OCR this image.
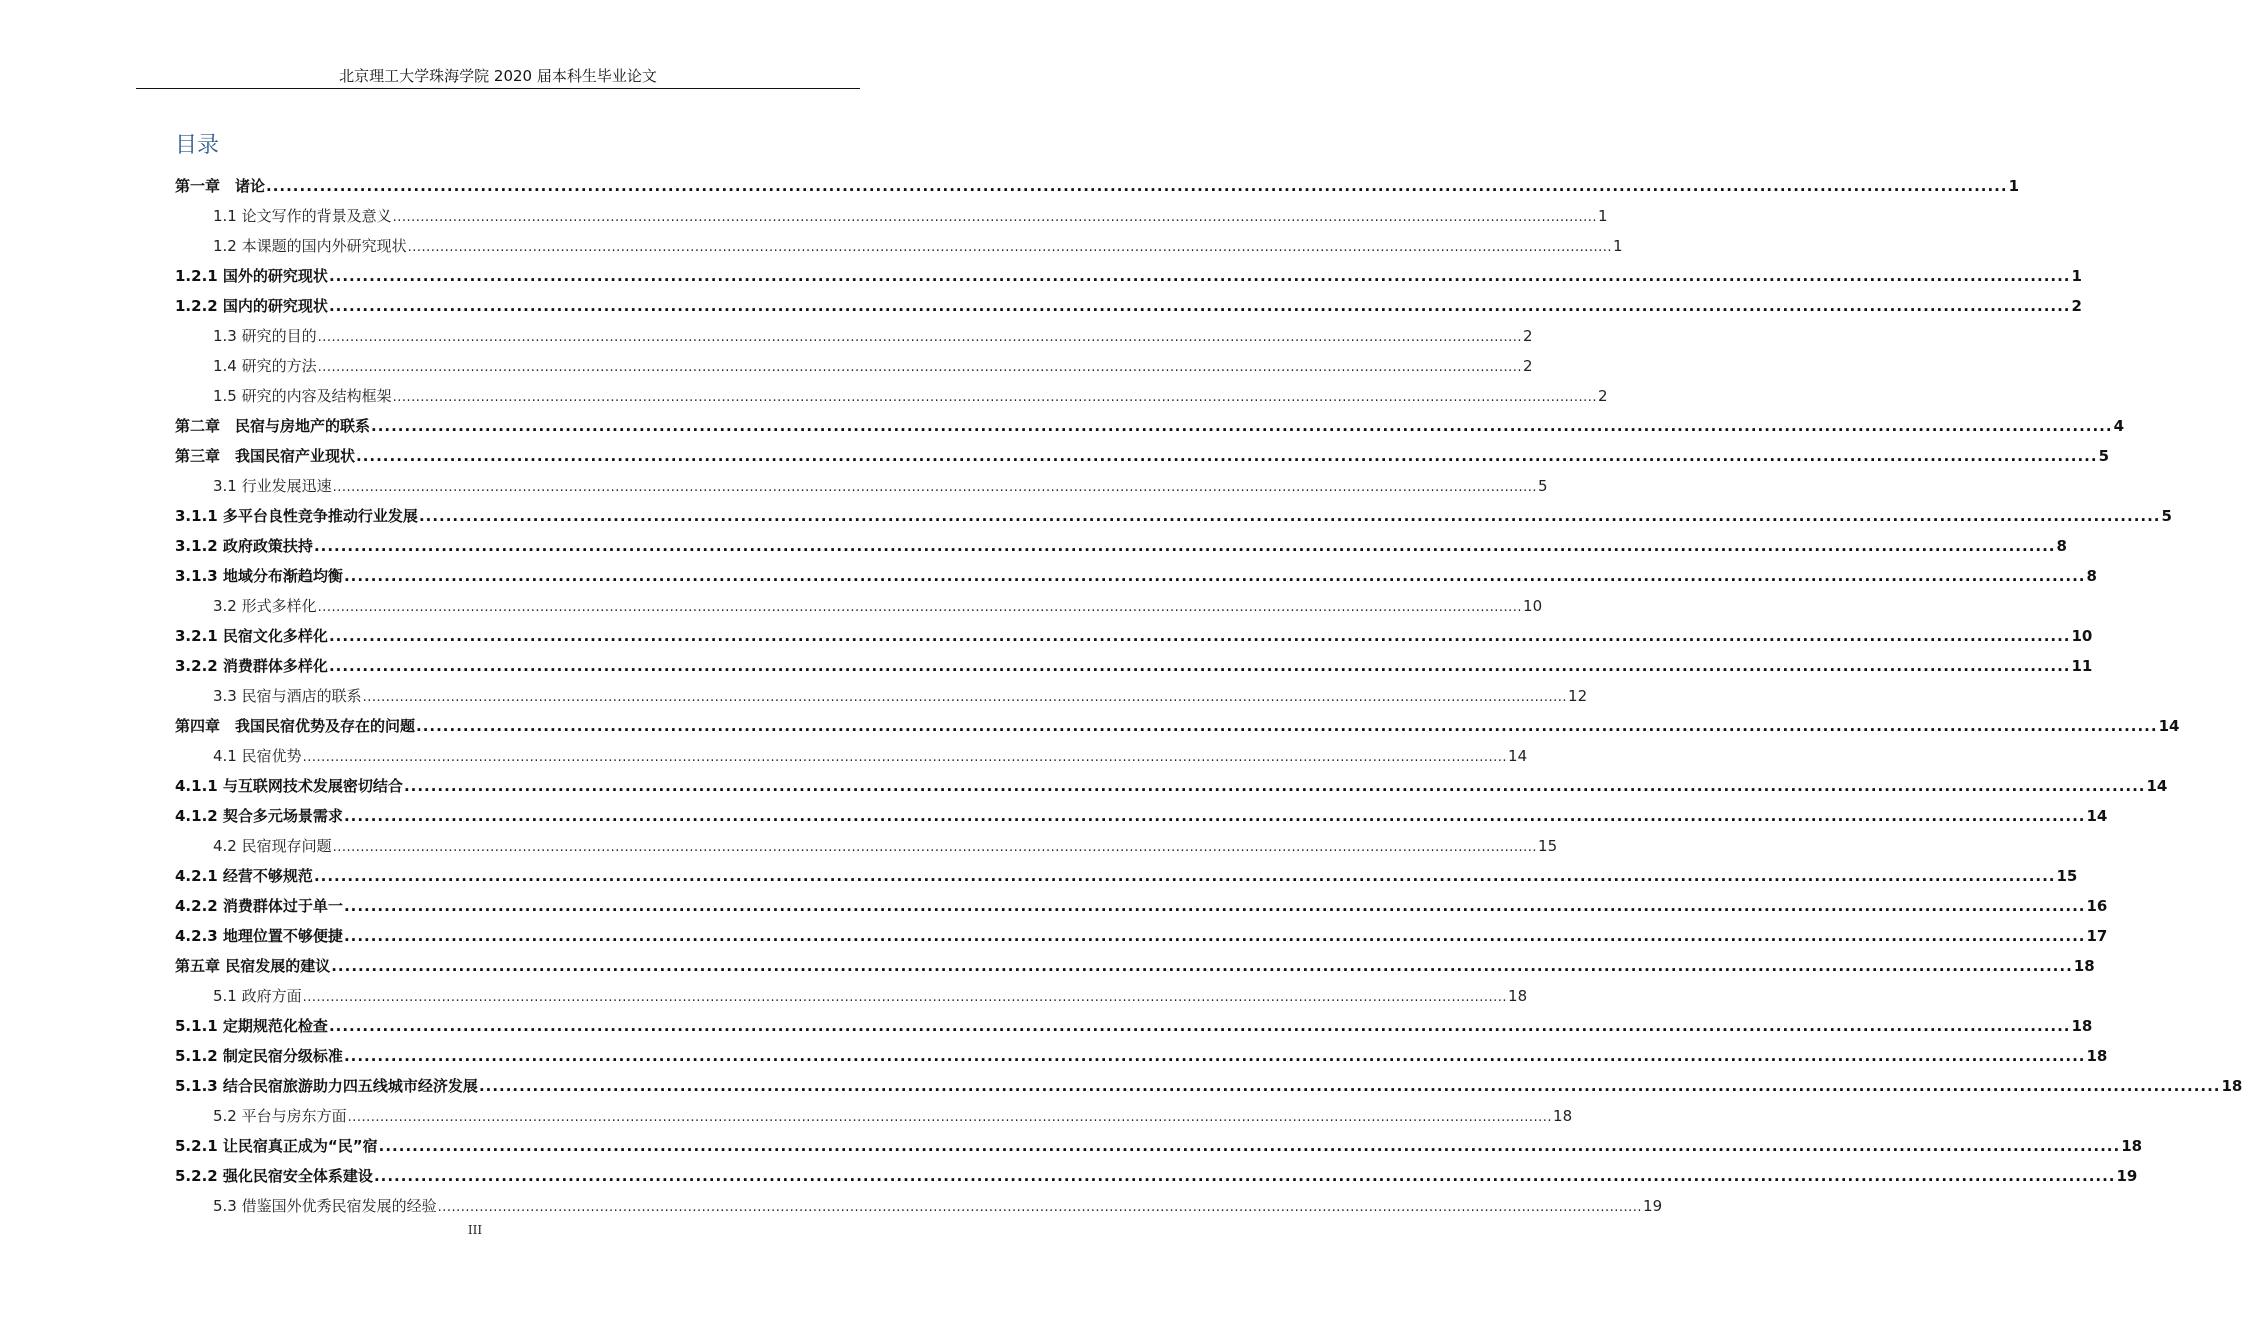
北京理工大学珠海学院 2020 届本科生毕业论文
目录
第一章　诸论 .................................................................................................................................................................................................................................................................... 1
1.1 论文写作的背景及意义 .................................................................................................................................................................................................................................................................... 1
1.2 本课题的国内外研究现状 .................................................................................................................................................................................................................................................................... 1
1.2.1 国外的研究现状 .................................................................................................................................................................................................................................................................... 1
1.2.2 国内的研究现状 .................................................................................................................................................................................................................................................................... 2
1.3 研究的目的 .................................................................................................................................................................................................................................................................... 2
1.4 研究的方法 .................................................................................................................................................................................................................................................................... 2
1.5 研究的内容及结构框架 .................................................................................................................................................................................................................................................................... 2
第二章　民宿与房地产的联系 .................................................................................................................................................................................................................................................................... 4
第三章　我国民宿产业现状 .................................................................................................................................................................................................................................................................... 5
3.1 行业发展迅速 .................................................................................................................................................................................................................................................................... 5
3.1.1 多平台良性竞争推动行业发展 .................................................................................................................................................................................................................................................................... 5
3.1.2 政府政策扶持 .................................................................................................................................................................................................................................................................... 8
3.1.3 地域分布渐趋均衡 .................................................................................................................................................................................................................................................................... 8
3.2 形式多样化 .................................................................................................................................................................................................................................................................... 10
3.2.1 民宿文化多样化 .................................................................................................................................................................................................................................................................... 10
3.2.2 消费群体多样化 .................................................................................................................................................................................................................................................................... 11
3.3 民宿与酒店的联系 .................................................................................................................................................................................................................................................................... 12
第四章　我国民宿优势及存在的问题 .................................................................................................................................................................................................................................................................... 14
4.1 民宿优势 .................................................................................................................................................................................................................................................................... 14
4.1.1 与互联网技术发展密切结合 .................................................................................................................................................................................................................................................................... 14
4.1.2 契合多元场景需求 .................................................................................................................................................................................................................................................................... 14
4.2 民宿现存问题 .................................................................................................................................................................................................................................................................... 15
4.2.1 经营不够规范 .................................................................................................................................................................................................................................................................... 15
4.2.2 消费群体过于单一 .................................................................................................................................................................................................................................................................... 16
4.2.3 地理位置不够便捷 .................................................................................................................................................................................................................................................................... 17
第五章 民宿发展的建议 .................................................................................................................................................................................................................................................................... 18
5.1 政府方面 .................................................................................................................................................................................................................................................................... 18
5.1.1 定期规范化检查 .................................................................................................................................................................................................................................................................... 18
5.1.2 制定民宿分级标准 .................................................................................................................................................................................................................................................................... 18
5.1.3 结合民宿旅游助力四五线城市经济发展 .................................................................................................................................................................................................................................................................... 18
5.2 平台与房东方面 .................................................................................................................................................................................................................................................................... 18
5.2.1 让民宿真正成为“民”宿 .................................................................................................................................................................................................................................................................... 18
5.2.2 强化民宿安全体系建设 .................................................................................................................................................................................................................................................................... 19
5.3 借鉴国外优秀民宿发展的经验 .................................................................................................................................................................................................................................................................... 19
III
